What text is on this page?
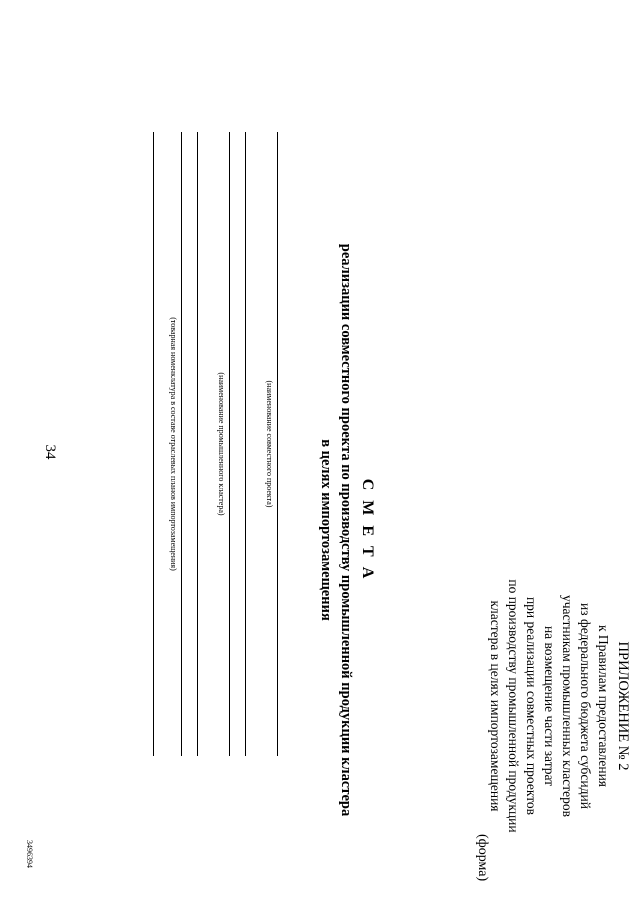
34
ПРИЛОЖЕНИЕ № 2
к Правилам предоставления
из федерального бюджета субсидий
участникам промышленных кластеров
на возмещение части затрат
при реализации совместных проектов
по производству промышленной продукции
кластера в целях импортозамещения
(форма)
С М Е Т А
реализации совместного проекта по производству промышленной продукции кластера
в целях импортозамещения
(наименование совместного проекта)
(наименование промышленного кластера)
(товарная номенклатура в составе отраслевых планов импортозамещения)
3496394
